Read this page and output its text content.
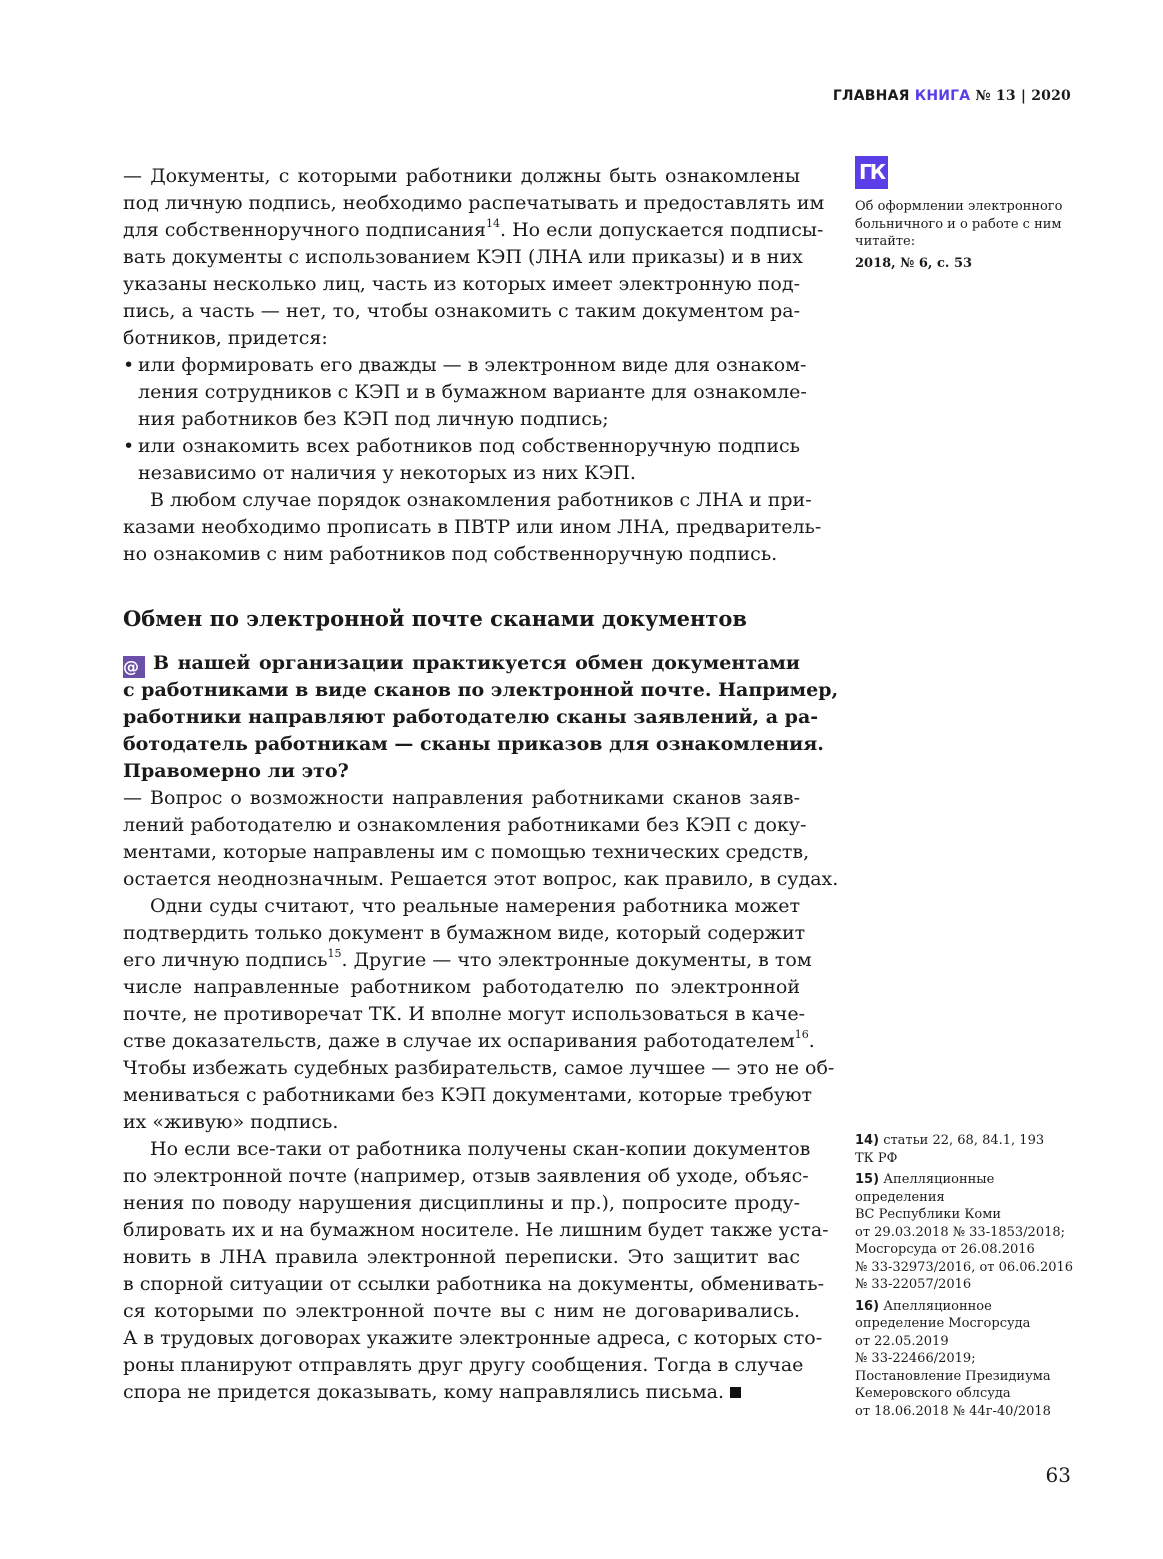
ГЛАВНАЯ КНИГА № 13 | 2020
ГК
Об оформлении электронного больничного и о работе с ним читайте:
2018, № 6, с. 53
14) статьи 22, 68, 84.1, 193
ТК РФ
15) Апелляционные определения
ВС Республики Коми
от 29.03.2018 № 33-1853/2018;
Мосгорсуда от 26.08.2016
№ 33-32973/2016, от 06.06.2016
№ 33-22057/2016
16) Апелляционное
определение Мосгорсуда
от 22.05.2019
№ 33-22466/2019;
Постановление Президиума
Кемеровского облсуда
от 18.06.2018 № 44г-40/2018
— Документы, с которыми работники должны быть ознакомлены
под личную подпись, необходимо распечатывать и предоставлять им
для собственноручного подписания$^{14}$. Но если допускается подписы-
вать документы с использованием КЭП (ЛНА или приказы) и в них
указаны несколько лиц, часть из которых имеет электронную под-
пись, а часть — нет, то, чтобы ознакомить с таким документом ра-
ботников, придется:
• или формировать его дважды — в электронном виде для ознаком-
ления сотрудников с КЭП и в бумажном варианте для ознакомле-
ния работников без КЭП под личную подпись;
• или ознакомить всех работников под собственноручную подпись
независимо от наличия у некоторых из них КЭП.
В любом случае порядок ознакомления работников с ЛНА и при-
казами необходимо прописать в ПВТР или ином ЛНА, предваритель-
но ознакомив с ним работников под собственноручную подпись.
Обмен по электронной почте сканами документов
@ В нашей организации практикуется обмен документами
с работниками в виде сканов по электронной почте. Например,
работники направляют работодателю сканы заявлений, а ра-
ботодатель работникам — сканы приказов для ознакомления.
Правомерно ли это?
— Вопрос о возможности направления работниками сканов заяв-
лений работодателю и ознакомления работниками без КЭП с доку-
ментами, которые направлены им с помощью технических средств,
остается неоднозначным. Решается этот вопрос, как правило, в судах.
Одни суды считают, что реальные намерения работника может
подтвердить только документ в бумажном виде, который содержит
его личную подпись$^{15}$. Другие — что электронные документы, в том
числе направленные работником работодателю по электронной
почте, не противоречат ТК. И вполне могут использоваться в каче-
стве доказательств, даже в случае их оспаривания работодателем$^{16}$.
Чтобы избежать судебных разбирательств, самое лучшее — это не об-
мениваться с работниками без КЭП документами, которые требуют
их «живую» подпись.
Но если все-таки от работника получены скан-копии документов
по электронной почте (например, отзыв заявления об уходе, объяс-
нения по поводу нарушения дисциплины и пр.), попросите проду-
блировать их и на бумажном носителе. Не лишним будет также уста-
новить в ЛНА правила электронной переписки. Это защитит вас
в спорной ситуации от ссылки работника на документы, обменивать-
ся которыми по электронной почте вы с ним не договаривались.
А в трудовых договорах укажите электронные адреса, с которых сто-
роны планируют отправлять друг другу сообщения. Тогда в случае
спора не придется доказывать, кому направлялись письма.
63
